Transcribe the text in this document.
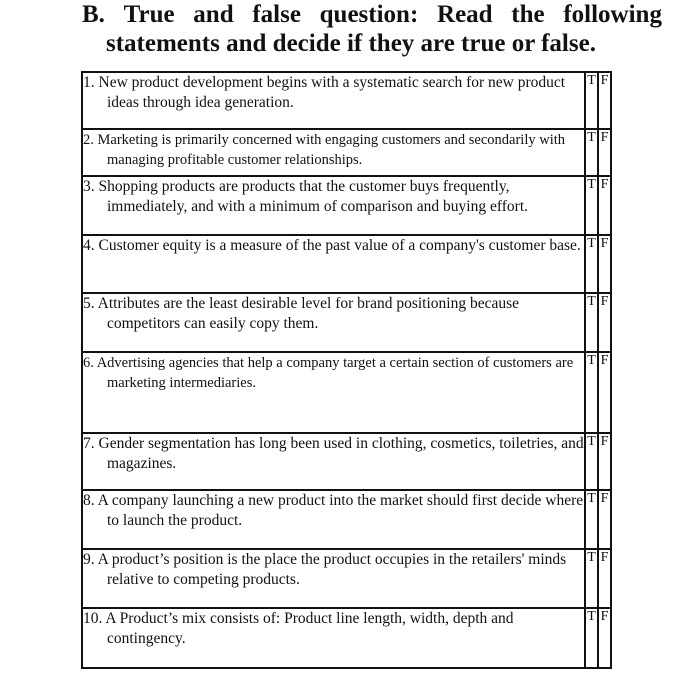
B. True and false question: Read the following
statements and decide if they are true or false.
1. New product development begins with a systematic search for new product ideas through idea generation.	T	F

2. Marketing is primarily concerned with engaging customers and secondarily with managing profitable customer relationships.	T	F

3. Shopping products are products that the customer buys frequently, immediately, and with a minimum of comparison and buying effort.	T	F

4. Customer equity is a measure of the past value of a company's customer base.	T	F

5. Attributes are the least desirable level for brand positioning because competitors can easily copy them.	T	F

6. Advertising agencies that help a company target a certain section of customers are marketing intermediaries.	T	F

7. Gender segmentation has long been used in clothing, cosmetics, toiletries, and magazines.	T	F

8. A company launching a new product into the market should first decide where to launch the product.	T	F

9. A product’s position is the place the product occupies in the retailers' minds relative to competing products.	T	F

10. A Product’s mix consists of: Product line length, width, depth and contingency.	T	F
